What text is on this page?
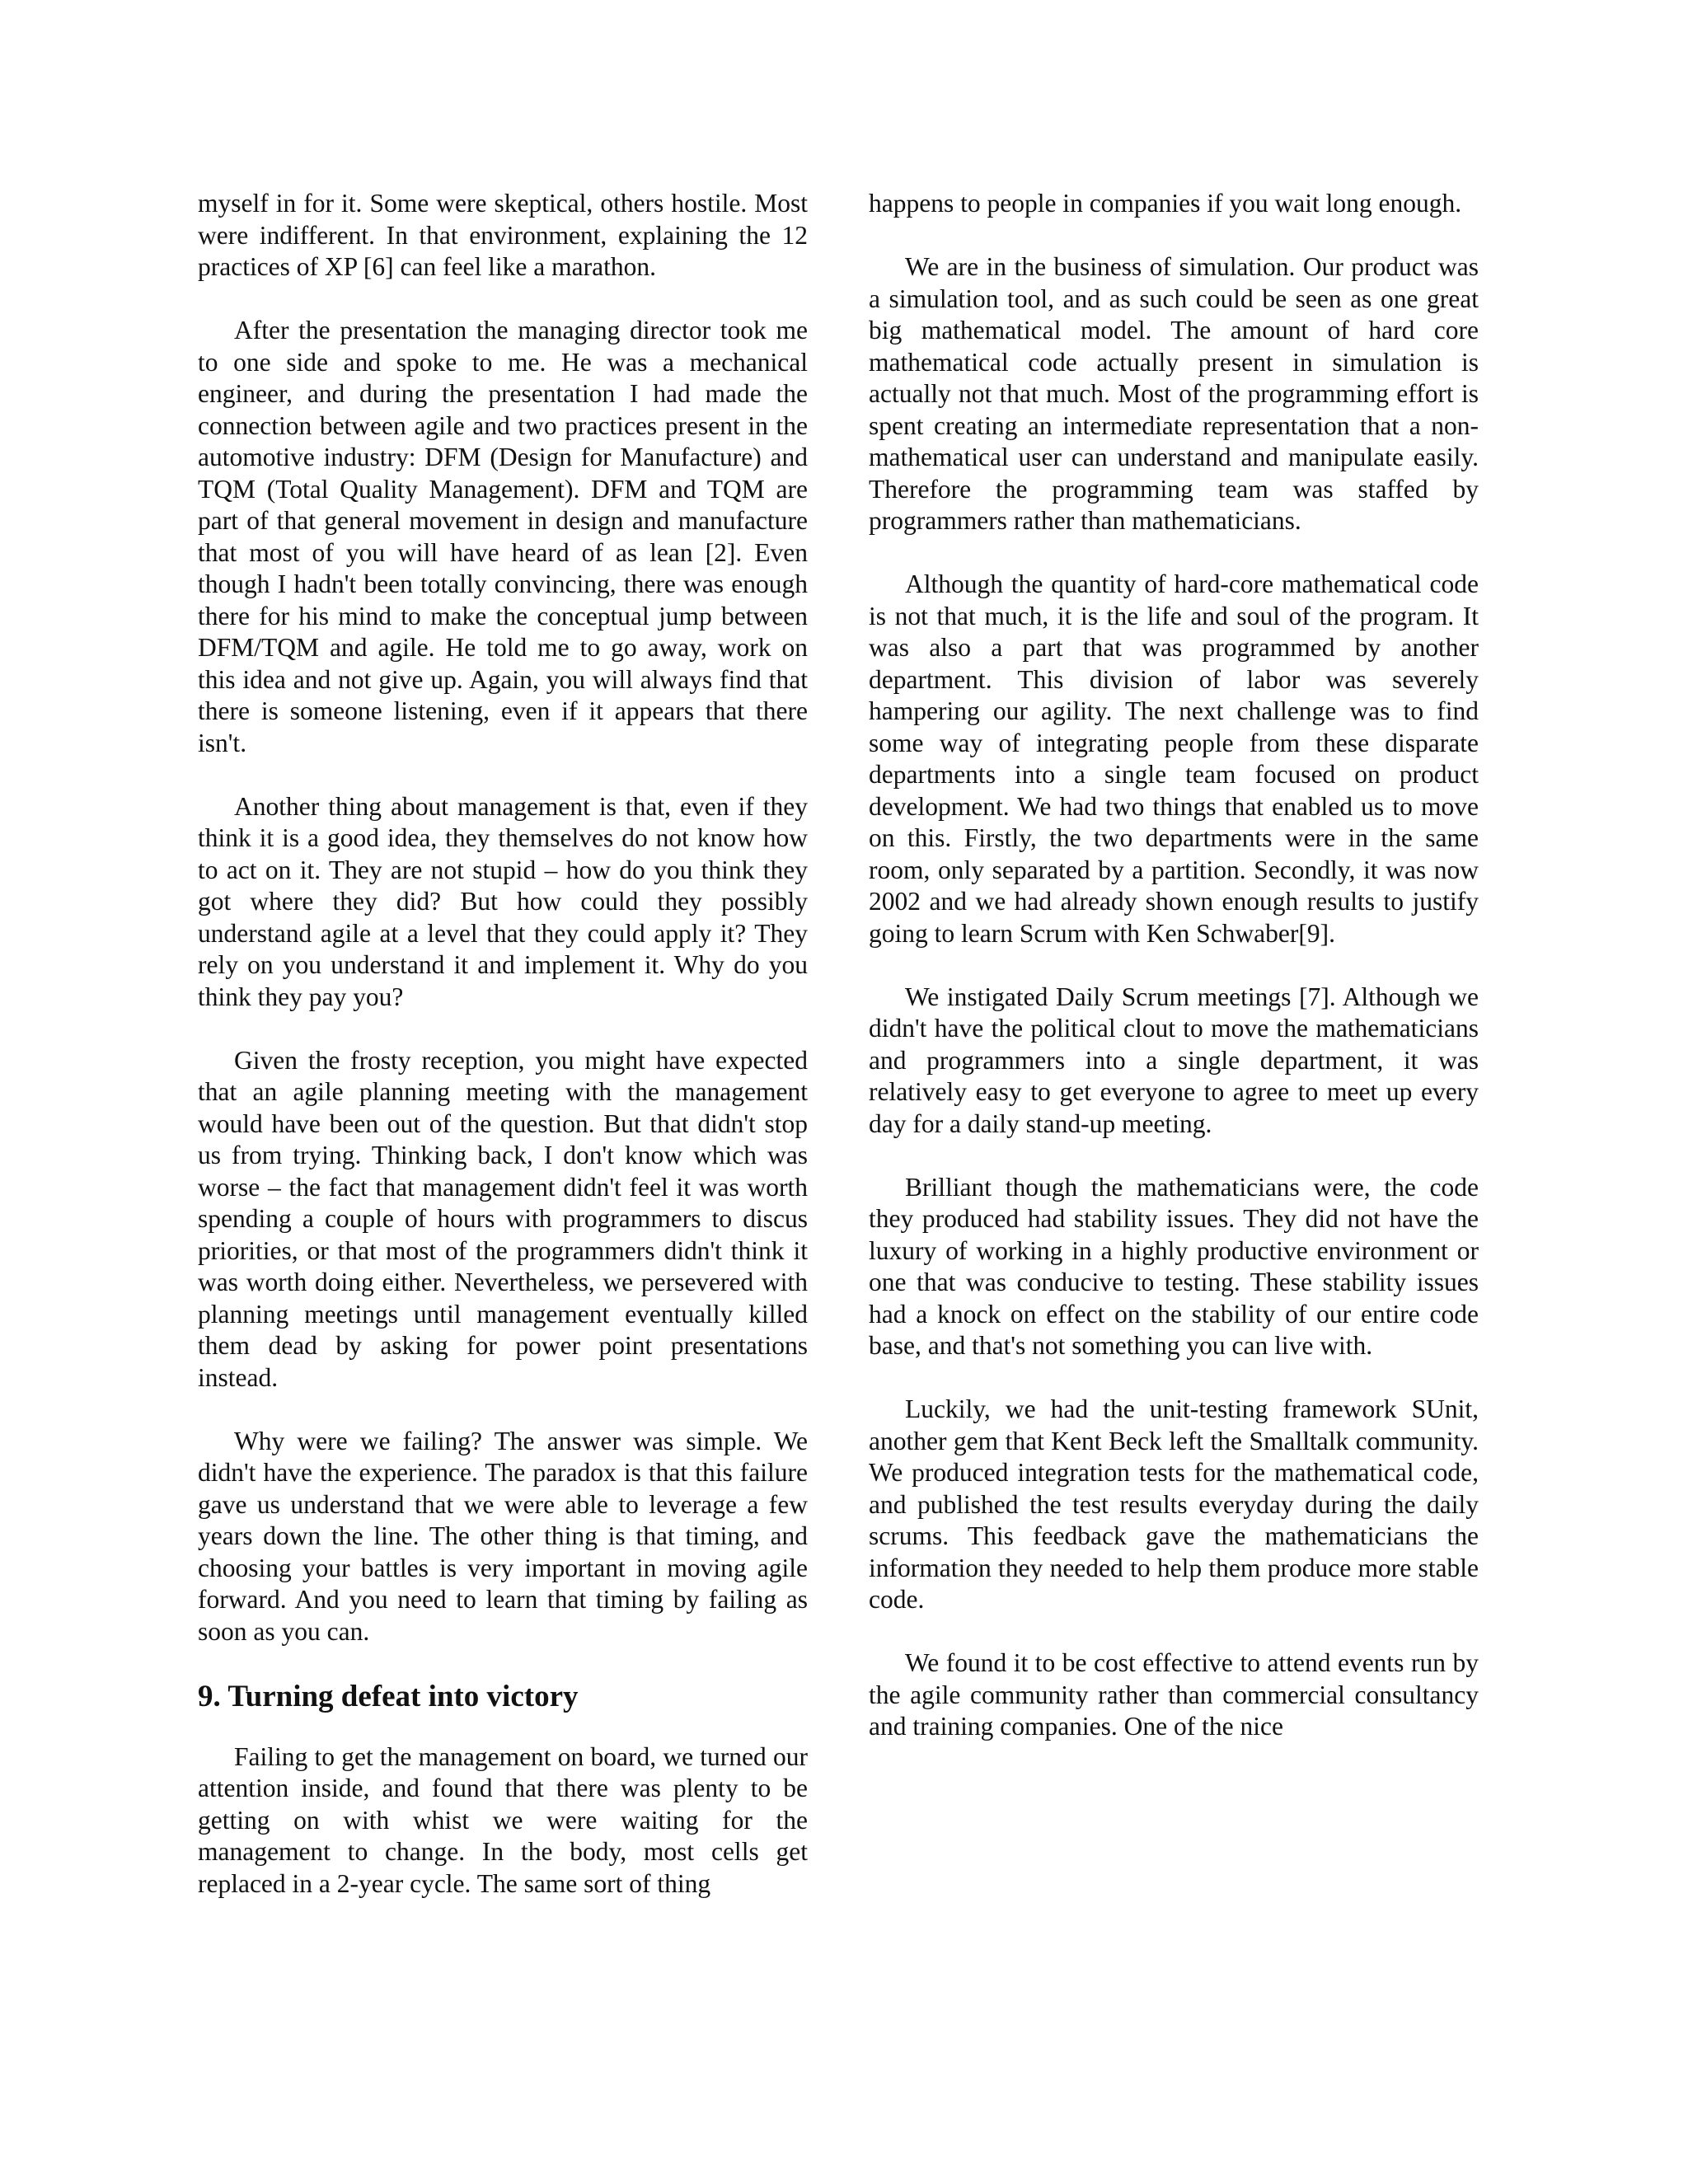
myself in for it. Some were skeptical, others hostile. Most were indifferent. In that environment, explaining the 12 practices of XP [6] can feel like a marathon.

After the presentation the managing director took me to one side and spoke to me. He was a mechanical engineer, and during the presentation I had made the connection between agile and two practices present in the automotive industry: DFM (Design for Manufacture) and TQM (Total Quality Management). DFM and TQM are part of that general movement in design and manufacture that most of you will have heard of as lean [2]. Even though I hadn't been totally convincing, there was enough there for his mind to make the conceptual jump between DFM/TQM and agile. He told me to go away, work on this idea and not give up. Again, you will always find that there is someone listening, even if it appears that there isn't.

Another thing about management is that, even if they think it is a good idea, they themselves do not know how to act on it. They are not stupid – how do you think they got where they did? But how could they possibly understand agile at a level that they could apply it? They rely on you understand it and implement it. Why do you think they pay you?

Given the frosty reception, you might have expected that an agile planning meeting with the management would have been out of the question. But that didn't stop us from trying. Thinking back, I don't know which was worse – the fact that management didn't feel it was worth spending a couple of hours with programmers to discus priorities, or that most of the programmers didn't think it was worth doing either. Nevertheless, we persevered with planning meetings until management eventually killed them dead by asking for power point presentations instead.

Why were we failing? The answer was simple. We didn't have the experience. The paradox is that this failure gave us understand that we were able to leverage a few years down the line. The other thing is that timing, and choosing your battles is very important in moving agile forward. And you need to learn that timing by failing as soon as you can.

9. Turning defeat into victory

Failing to get the management on board, we turned our attention inside, and found that there was plenty to be getting on with whist we were waiting for the management to change. In the body, most cells get replaced in a 2-year cycle. The same sort of thing

happens to people in companies if you wait long enough.

We are in the business of simulation. Our product was a simulation tool, and as such could be seen as one great big mathematical model. The amount of hard core mathematical code actually present in simulation is actually not that much. Most of the programming effort is spent creating an intermediate representation that a non-mathematical user can understand and manipulate easily. Therefore the programming team was staffed by programmers rather than mathematicians.

Although the quantity of hard-core mathematical code is not that much, it is the life and soul of the program. It was also a part that was programmed by another department. This division of labor was severely hampering our agility. The next challenge was to find some way of integrating people from these disparate departments into a single team focused on product development. We had two things that enabled us to move on this. Firstly, the two departments were in the same room, only separated by a partition. Secondly, it was now 2002 and we had already shown enough results to justify going to learn Scrum with Ken Schwaber[9].

We instigated Daily Scrum meetings [7]. Although we didn't have the political clout to move the mathematicians and programmers into a single department, it was relatively easy to get everyone to agree to meet up every day for a daily stand-up meeting.

Brilliant though the mathematicians were, the code they produced had stability issues. They did not have the luxury of working in a highly productive environment or one that was conducive to testing. These stability issues had a knock on effect on the stability of our entire code base, and that's not something you can live with.

Luckily, we had the unit-testing framework SUnit, another gem that Kent Beck left the Smalltalk community. We produced integration tests for the mathematical code, and published the test results everyday during the daily scrums. This feedback gave the mathematicians the information they needed to help them produce more stable code.

We found it to be cost effective to attend events run by the agile community rather than commercial consultancy and training companies. One of the nice
